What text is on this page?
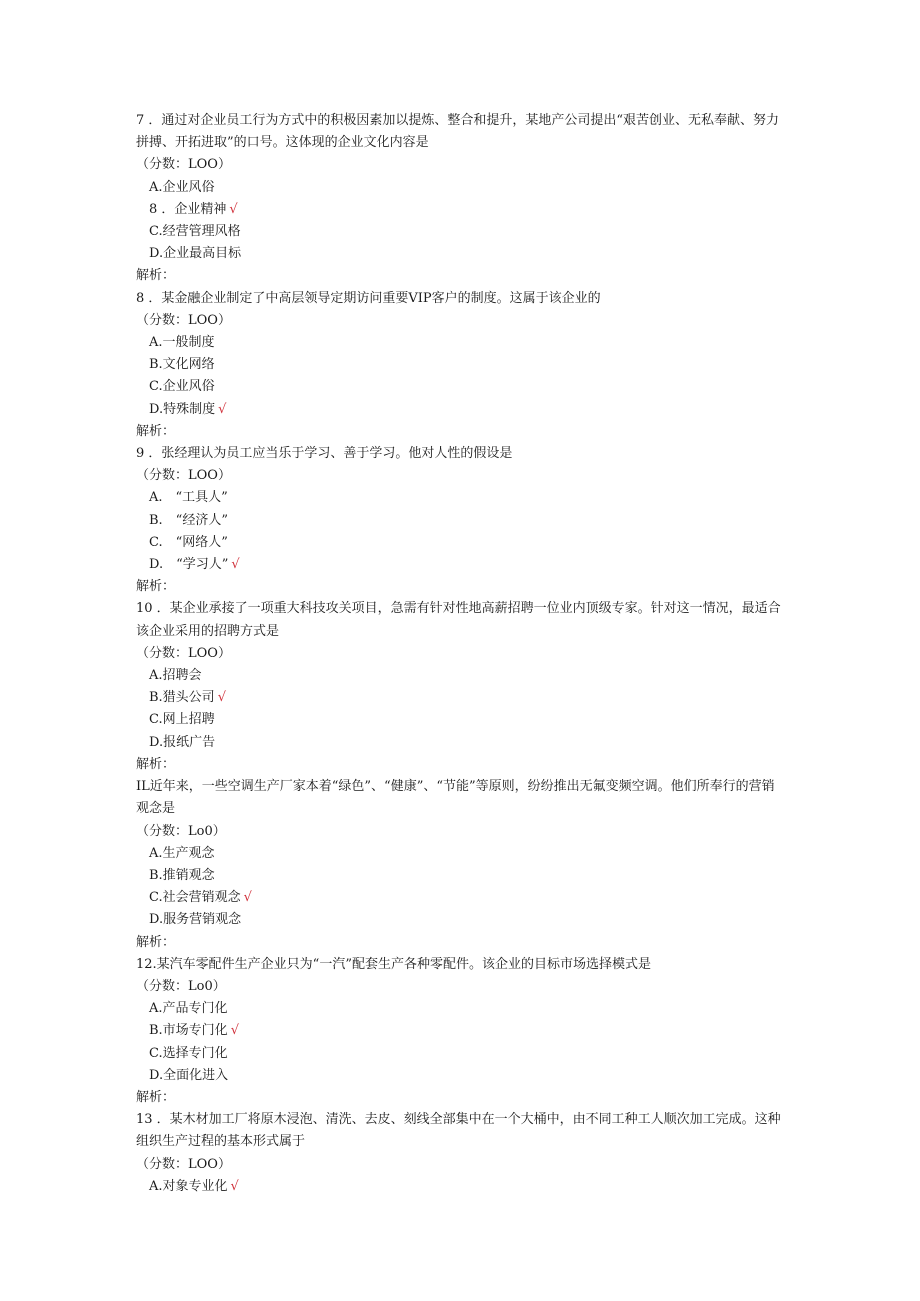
7 ．通过对企业员工行为方式中的积极因素加以提炼、整合和提升，某地产公司提出“艰苦创业、无私奉献、努力拼搏、开拓进取”的口号。这体现的企业文化内容是

（分数：LOO）

A.企业风俗

8 ．企业精神 √

C.经营管理风格

D.企业最高目标

解析：

8 ．某金融企业制定了中高层领导定期访问重要VIP客户的制度。这属于该企业的

（分数：LOO）

A.一般制度

B.文化网络

C.企业风俗

D.特殊制度 √

解析：

9 ．张经理认为员工应当乐于学习、善于学习。他对人性的假设是

（分数：LOO）

A.　“工具人”

B.　“经济人”

C.　“网络人”

D.　“学习人” √

解析：

10 ．某企业承接了一项重大科技攻关项目，急需有针对性地高薪招聘一位业内顶级专家。针对这一情况，最适合该企业采用的招聘方式是

（分数：LOO）

A.招聘会

B.猎头公司 √

C.网上招聘

D.报纸广告

解析：

IL近年来，一些空调生产厂家本着“绿色”、“健康”、“节能”等原则，纷纷推出无氟变频空调。他们所奉行的营销观念是

（分数：Lo0）

A.生产观念

B.推销观念

C.社会营销观念 √

D.服务营销观念

解析：

12.某汽车零配件生产企业只为“一汽”配套生产各种零配件。该企业的目标市场选择模式是

（分数：Lo0）

A.产品专门化

B.市场专门化 √

C.选择专门化

D.全面化进入

解析：

13 ．某木材加工厂将原木浸泡、清洗、去皮、刻线全部集中在一个大桶中，由不同工种工人顺次加工完成。这种组织生产过程的基本形式属于

（分数：LOO）

A.对象专业化 √
